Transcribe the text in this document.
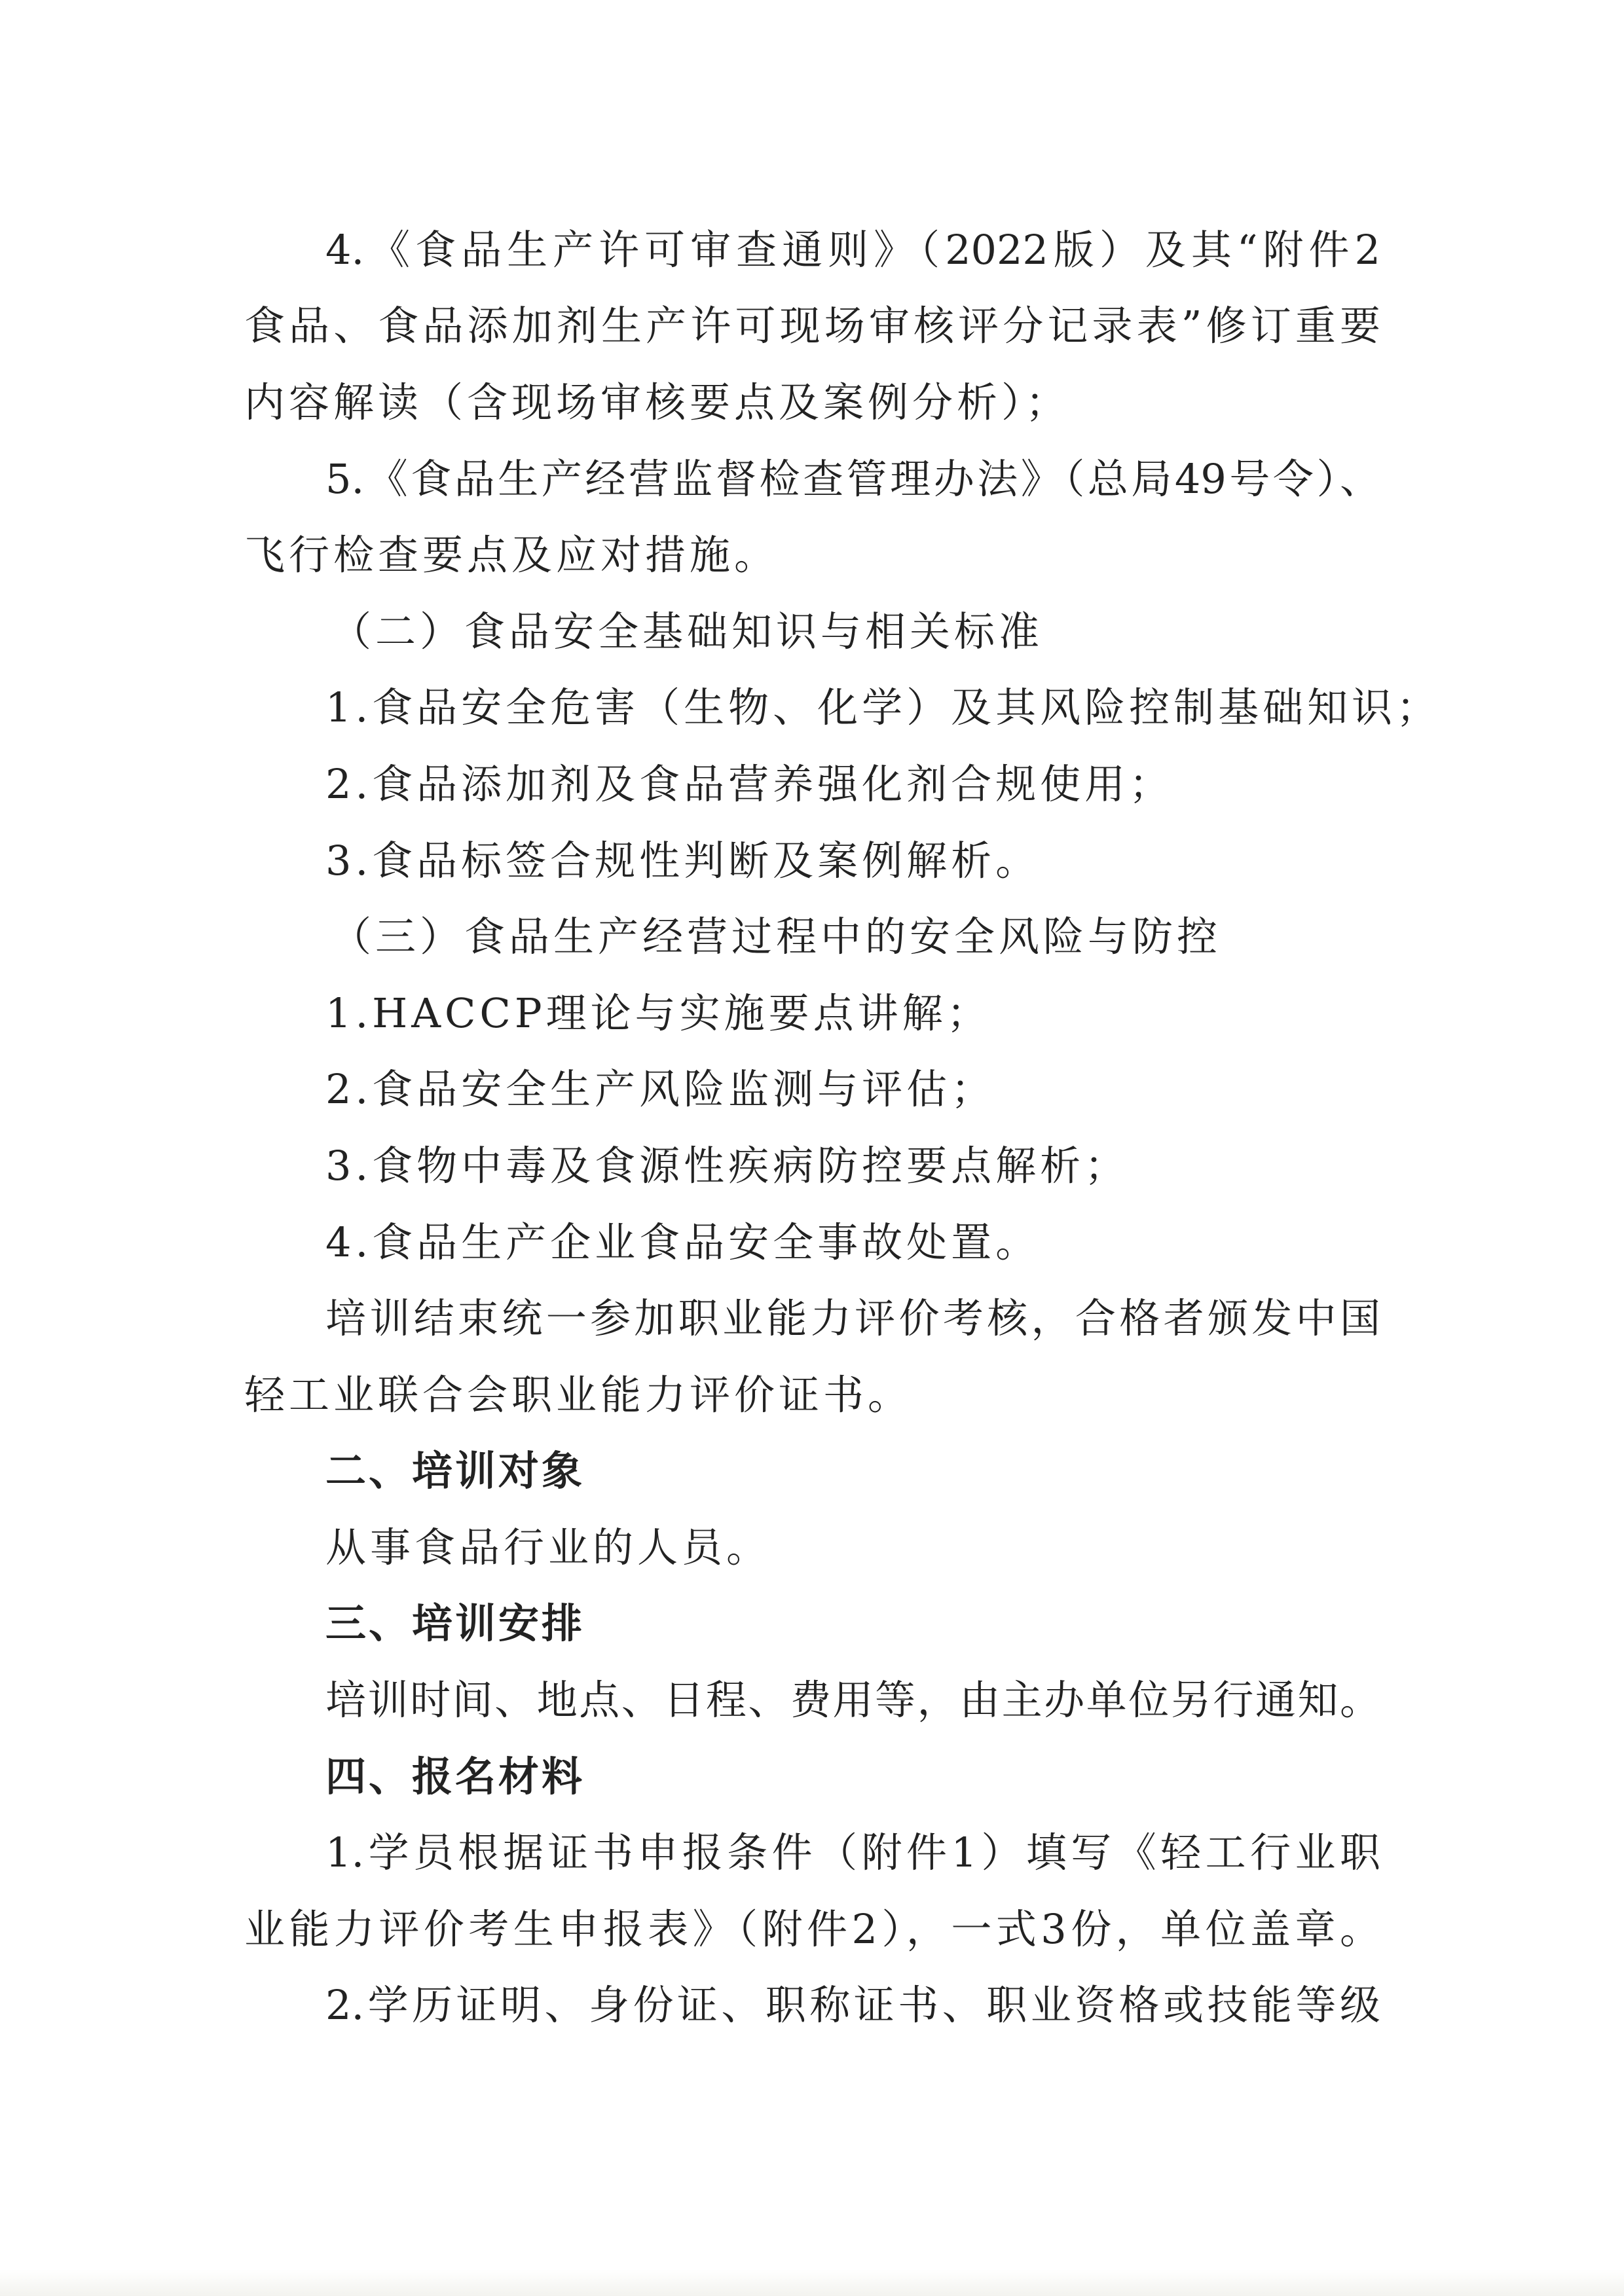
4.《食品生产许可审查通则》（2022版）及其“附件2
食品、食品添加剂生产许可现场审核评分记录表”修订重要
内容解读（含现场审核要点及案例分析）；
5.《食品生产经营监督检查管理办法》（总局49号令）、
飞行检查要点及应对措施。
（二）食品安全基础知识与相关标准
1.食品安全危害（生物、化学）及其风险控制基础知识；
2.食品添加剂及食品营养强化剂合规使用；
3.食品标签合规性判断及案例解析。
（三）食品生产经营过程中的安全风险与防控
1.HACCP理论与实施要点讲解；
2.食品安全生产风险监测与评估；
3.食物中毒及食源性疾病防控要点解析；
4.食品生产企业食品安全事故处置。
培训结束统一参加职业能力评价考核，合格者颁发中国
轻工业联合会职业能力评价证书。
二、培训对象
从事食品行业的人员。
三、培训安排
培训时间、地点、日程、费用等，由主办单位另行通知。
四、报名材料
1.学员根据证书申报条件（附件1）填写《轻工行业职
业能力评价考生申报表》（附件2），一式3份，单位盖章。
2.学历证明、身份证、职称证书、职业资格或技能等级
